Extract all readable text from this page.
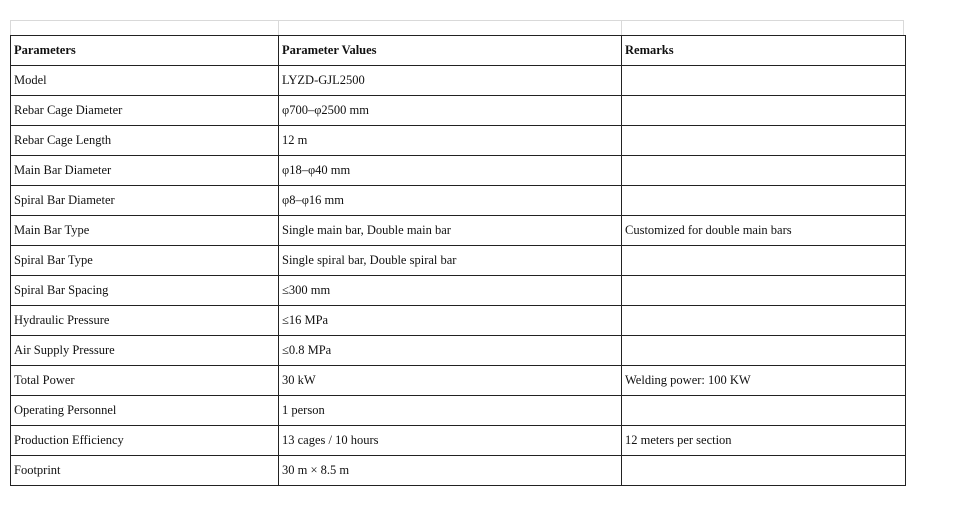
Parameters	Parameter Values	Remarks
Model	LYZD-GJL2500	
Rebar Cage Diameter	φ700–φ2500 mm	
Rebar Cage Length	12 m	
Main Bar Diameter	φ18–φ40 mm	
Spiral Bar Diameter	φ8–φ16 mm	
Main Bar Type	Single main bar, Double main bar	Customized for double main bars
Spiral Bar Type	Single spiral bar, Double spiral bar	
Spiral Bar Spacing	≤300 mm	
Hydraulic Pressure	≤16 MPa	
Air Supply Pressure	≤0.8 MPa	
Total Power	30 kW	Welding power: 100 KW
Operating Personnel	1 person	
Production Efficiency	13 cages / 10 hours	12 meters per section
Footprint	30 m × 8.5 m	
